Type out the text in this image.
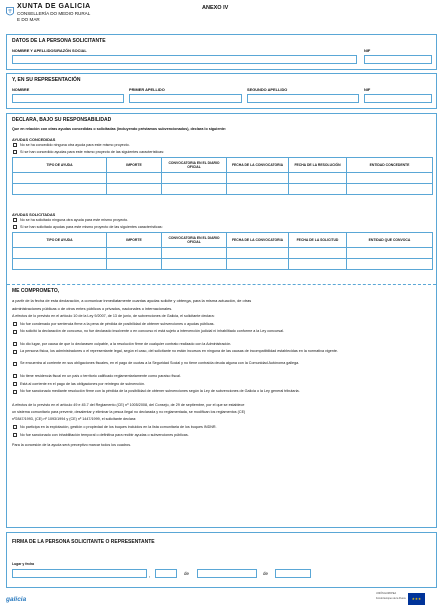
XUNTA DE GALICIA
CONSELLERÍA DO MEDIO RURAL
E DO MAR
ANEXO IV
DATOS DE LA PERSONA SOLICITANTE
NOMBRE Y APELLIDOS/RAZÓN SOCIAL	NIF
Y, EN SU REPRESENTACIÓN
NOMBRE	PRIMER APELLIDO	SEGUNDO APELLIDO	NIF
DECLARA, BAJO SU RESPONSABILIDAD
Que en relación con otras ayudas concedidas o solicitadas (incluyendo préstamos subvencionados), declara lo siguiente:
AYUDAS CONCEDIDAS
No se ha concedido ninguna otra ayuda para este mismo proyecto.
Sí se han concedido ayudas para este mismo proyecto de las siguientes características:
TIPO DE AYUDA	IMPORTE	CONVOCATORIA EN EL DIARIO OFICIAL	FECHA DE LA CONVOCATORIA	FECHA DE LA RESOLUCIÓN	ENTIDAD CONCEDENTE

AYUDAS SOLICITADAS
No se ha solicitado ninguna otra ayuda para este mismo proyecto.
Sí se han solicitado ayudas para este mismo proyecto de las siguientes características:
TIPO DE AYUDA	IMPORTE	CONVOCATORIA EN EL DIARIO OFICIAL	FECHA DE LA CONVOCATORIA	FECHA DE LA SOLICITUD	ENTIDAD QUE CONVOCA

ME COMPROMETO,
a partir de la fecha de esta declaración, a comunicar inmediatamente cuantas ayudas solicite y obtenga, para la misma actuación, de otras
administraciones públicas o de otros entes públicos o privados, nacionales o internacionales.
A efectos de lo previsto en el artículo 10 de la Ley 9/2007, de 13 de junio, de subvenciones de Galicia, el solicitante declara:
No fue condenado por sentencia firme a la pena de pérdida de posibilidad de obtener subvenciones o ayudas públicas.
No solicitó la declaración de concurso, no fue declarado insolvente o en concurso ni está sujeto a intervención judicial ni inhabilitado conforme a la Ley concursal.
No dio lugar, por causa de que lo declarasen culpable, a la resolución firme de cualquier contrato realizado con la Administración.
La persona física, los administradores o el representante legal, según el caso, del solicitante no están incursos en ninguna de las causas de incompatibilidad establecidas en la normativa vigente.
Se encuentra al corriente en sus obligaciones fiscales, en el pago de cuotas a la Seguridad Social y no tiene contraída deuda alguna con la Comunidad Autónoma gallega.
No tiene residencia fiscal en un país o territorio calificado reglamentariamente como paraíso fiscal.
Está al corriente en el pago de las obligaciones por reintegro de subvención.
No fue sancionado mediante resolución firme con la pérdida de la posibilidad de obtener subvenciones según la Ley de subvenciones de Galicia o la Ley general tributaria.
A efectos de lo previsto en el artículo 49 e 45.7 del Reglamento (CE) nº 1005/2008, del Consejo, de 29 de septiembre, por el que se establece
un sistema comunitario para prevenir, desalentar y eliminar la pesca ilegal no declarada y no reglamentada, se modifican los reglamentos (CE)
nº2847/1993, (CE) nº 1093/1994 y (CE) nº 1447/1999, el solicitante declara:
No participa en la explotación, gestión o propiedad de los buques incluidos en la lista comunitaria de los buques INDNR.
No fue sancionado con inhabilitación temporal o definitiva para recibir ayudas o subvenciones públicas.
Para la concesión de la ayuda será preceptivo marcar todos los cuadros.
FIRMA DE LA PERSONA SOLICITANTE O REPRESENTANTE
Lugar y fecha
,	de	de
galicia
UNIÓN EUROPEA
Fondo Europeo de la Pesca	★★★
